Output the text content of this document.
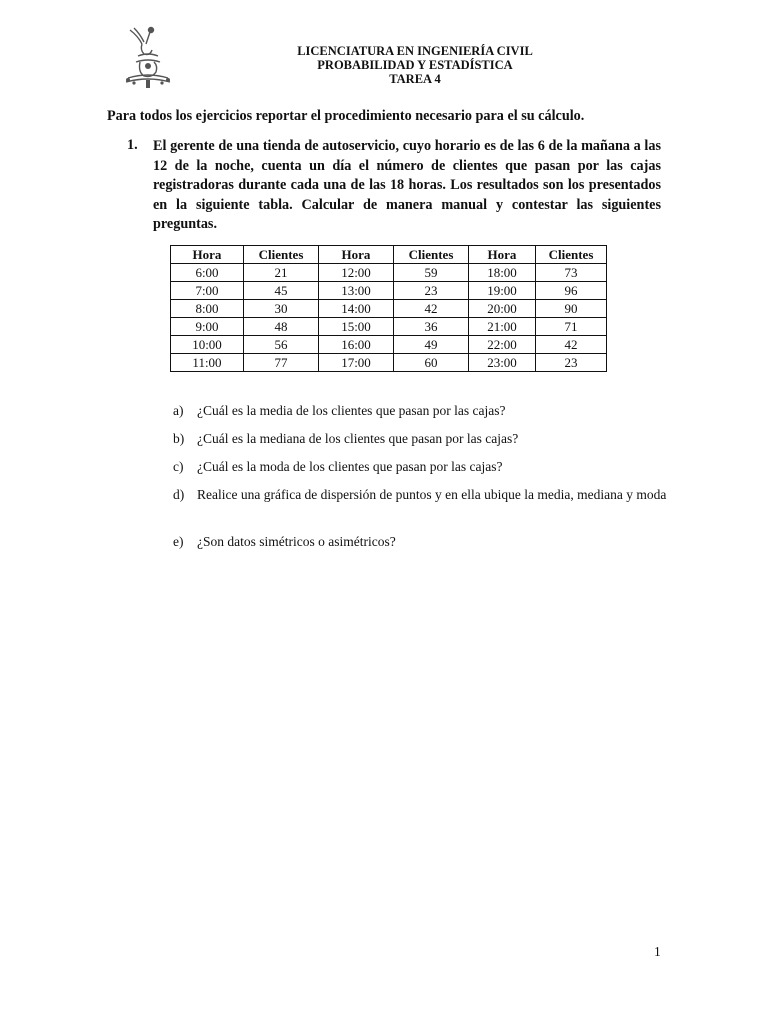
LICENCIATURA EN INGENIERÍA CIVIL
PROBABILIDAD Y ESTADÍSTICA
TAREA 4

Para todos los ejercicios reportar el procedimiento necesario para el su cálculo.

1. El gerente de una tienda de autoservicio, cuyo horario es de las 6 de la mañana a las 12 de la noche, cuenta un día el número de clientes que pasan por las cajas registradoras durante cada una de las 18 horas. Los resultados son los presentados en la siguiente tabla. Calcular de manera manual y contestar las siguientes preguntas.

Hora	Clientes	Hora	Clientes	Hora	Clientes
6:00	21	12:00	59	18:00	73
7:00	45	13:00	23	19:00	96
8:00	30	14:00	42	20:00	90
9:00	48	15:00	36	21:00	71
10:00	56	16:00	49	22:00	42
11:00	77	17:00	60	23:00	23
a)	¿Cuál es la media de los clientes que pasan por las cajas?
b) ¿Cuál es la mediana de los clientes que pasan por las cajas?
c)	¿Cuál es la moda de los clientes que pasan por las cajas?
d) Realice una gráfica de dispersión de puntos y en ella ubique la media, mediana y moda
e)	¿Son datos simétricos o asimétricos?
1
